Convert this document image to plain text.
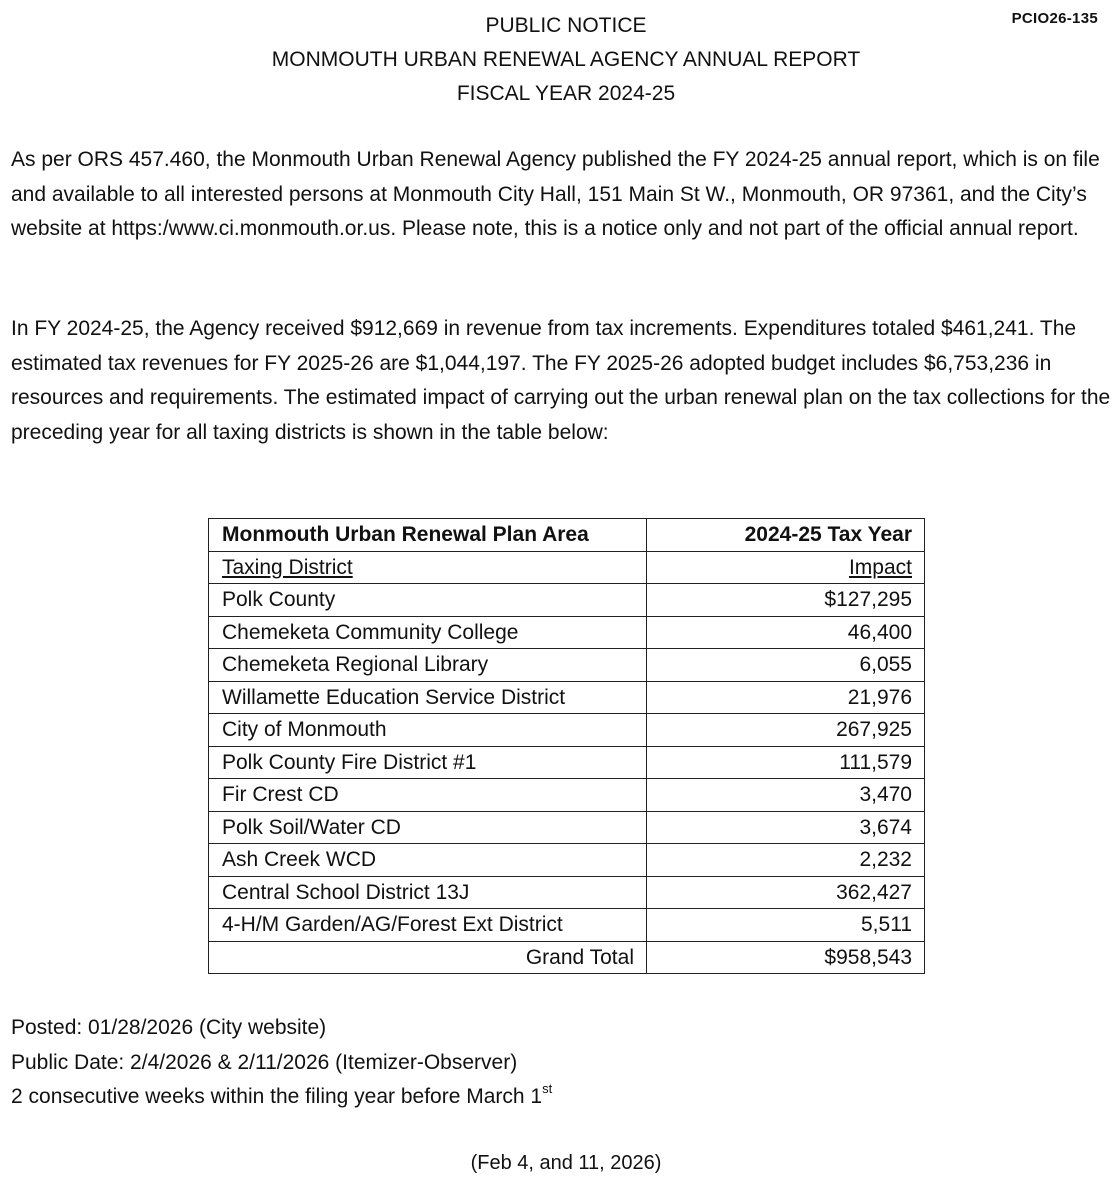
PCIO26-135
PUBLIC NOTICE
MONMOUTH URBAN RENEWAL AGENCY ANNUAL REPORT
FISCAL YEAR 2024-25

As per ORS 457.460, the Monmouth Urban Renewal Agency published the FY 2024-25 annual report, which is on file and available to all interested persons at Monmouth City Hall, 151 Main St W., Monmouth, OR 97361, and the City’s website at https:/www.ci.monmouth.or.us. Please note, this is a notice only and not part of the official annual report.

In FY 2024-25, the Agency received $912,669 in revenue from tax increments. Expenditures totaled $461,241. The estimated tax revenues for FY 2025-26 are $1,044,197. The FY 2025-26 adopted budget includes $6,753,236 in resources and requirements. The estimated impact of carrying out the urban renewal plan on the tax collections for the preceding year for all taxing districts is shown in the table below:

Monmouth Urban Renewal Plan Area	2024-25 Tax Year
Taxing District	Impact
Polk County	$127,295
Chemeketa Community College	46,400
Chemeketa Regional Library	6,055
Willamette Education Service District	21,976
City of Monmouth	267,925
Polk County Fire District #1	111,579
Fir Crest CD	3,470
Polk Soil/Water CD	3,674
Ash Creek WCD	2,232
Central School District 13J	362,427
4-H/M Garden/AG/Forest Ext District	5,511
Grand Total	$958,543
Posted: 01/28/2026 (City website)
Public Date: 2/4/2026 & 2/11/2026 (Itemizer-Observer)
2 consecutive weeks within the filing year before March 1st
(Feb 4, and 11, 2026)
